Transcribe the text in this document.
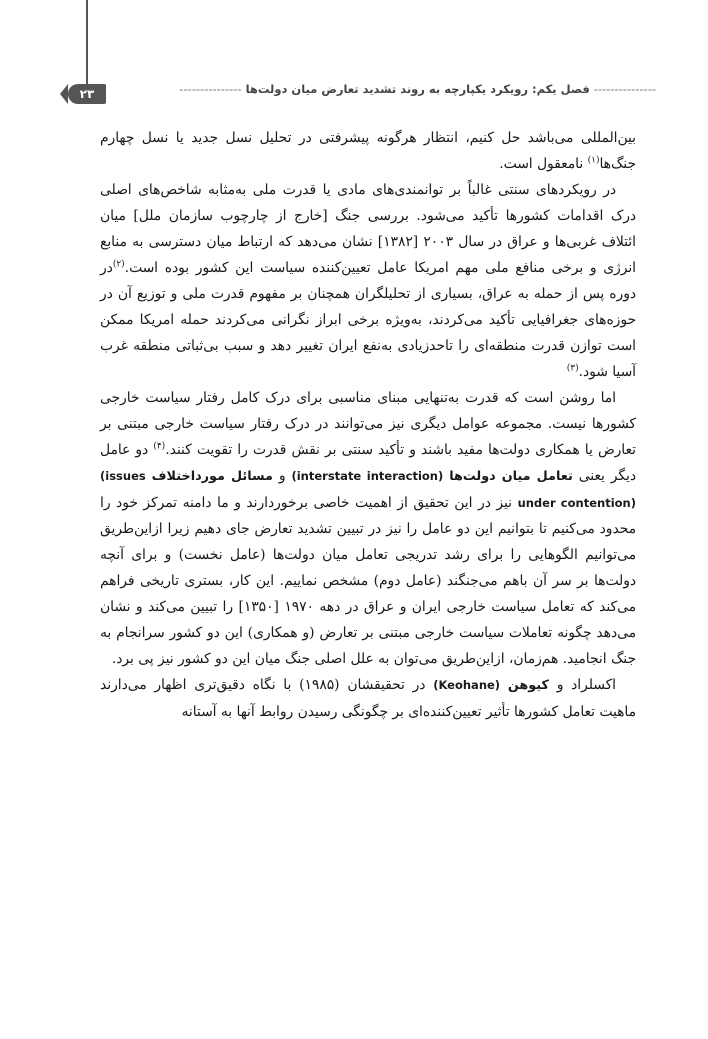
--------------- فصل یکم: رویکرد یکپارچه به روند تشدید تعارض میان دولت‌ها ---------------
۲۳

بین‌المللی می‌باشد حل کنیم، انتظار هرگونه پیشرفتی در تحلیل نسل جدید یا نسل چهارم جنگ‌ها$^{(۱)}$ نامعقول است.

در رویکردهای سنتی غالباً بر توانمندی‌های مادی یا قدرت ملی به‌مثابه شاخص‌های اصلی درک اقدامات کشورها تأکید می‌شود. بررسی جنگ [خارج از چارچوب سازمان ملل] میان ائتلاف غربی‌ها و عراق در سال ۲۰۰۳ [۱۳۸۲] نشان می‌دهد که ارتباط میان دسترسی به منابع انرژی و برخی منافع ملی مهم امریکا عامل تعیین‌کننده سیاست این کشور بوده است.$^{(۲)}$در دوره پس از حمله به عراق، بسیاری از تحلیلگران همچنان بر مفهوم قدرت ملی و توزیع آن در حوزه‌های جغرافیایی تأکید می‌کردند، به‌ویژه برخی ابراز نگرانی می‌کردند حمله امریکا ممکن است توازن قدرت منطقه‌ای را تاحدزیادی به‌نفع ایران تغییر دهد و سبب بی‌ثباتی منطقه غرب آسیا شود.$^{(۳)}$

اما روشن است که قدرت به‌تنهایی مبنای مناسبی برای درک کامل رفتار سیاست خارجی کشورها نیست. مجموعه عوامل دیگری نیز می‌توانند در درک رفتار سیاست خارجی مبتنی بر تعارض یا همکاری دولت‌ها مفید باشند و تأکید سنتی بر نقش قدرت را تقویت کنند.$^{(۴)}$ دو عامل دیگر یعنی تعامل میان دولت‌ها (interstate interaction) و مسائل مورداختلاف (issues under contention) نیز در این تحقیق از اهمیت خاصی برخوردارند و ما دامنه تمرکز خود را محدود می‌کنیم تا بتوانیم این دو عامل را نیز در تبیین تشدید تعارض جای دهیم زیرا ازاین‌طریق می‌توانیم الگوهایی را برای رشد تدریجی تعامل میان دولت‌ها (عامل نخست) و برای آنچه دولت‌ها بر سر آن باهم می‌جنگند (عامل دوم) مشخص نماییم. این کار، بستری تاریخی فراهم می‌کند که تعامل سیاست خارجی ایران و عراق در دهه ۱۹۷۰ [۱۳۵۰] را تبیین می‌کند و نشان می‌دهد چگونه تعاملات سیاست خارجی مبتنی بر تعارض (و همکاری) این دو کشور سرانجام به جنگ انجامید. هم‌زمان، ازاین‌طریق می‌توان به علل اصلی جنگ میان این دو کشور نیز پی برد.

اکسلراد و کیوهن (Keohane) در تحقیقشان (۱۹۸۵) با نگاه دقیق‌تری اظهار می‌دارند ماهیت تعامل کشورها تأثیر تعیین‌کننده‌ای بر چگونگی رسیدن روابط آنها به آستانه
